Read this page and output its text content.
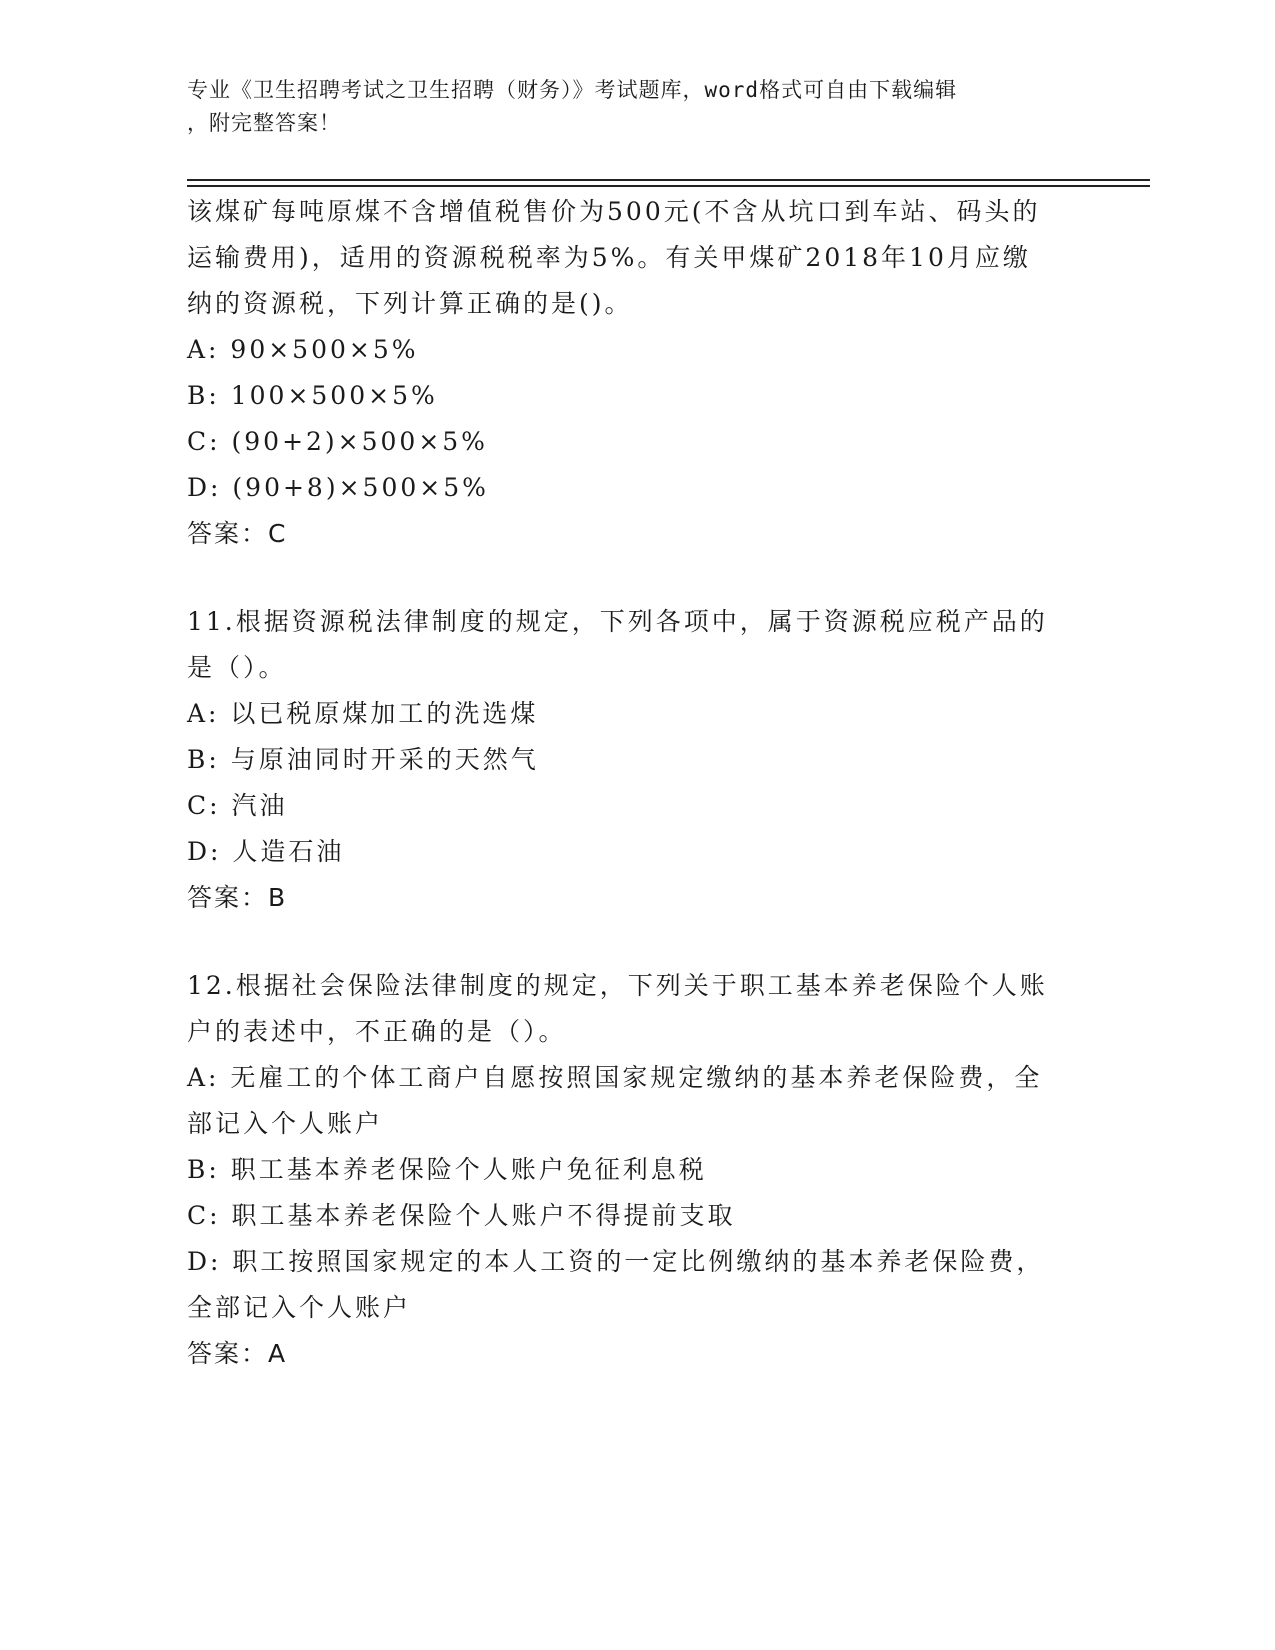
专业《卫生招聘考试之卫生招聘（财务）》考试题库，word格式可自由下载编辑
，附完整答案！

该煤矿每吨原煤不含增值税售价为500元(不含从坑口到车站、码头的

运输费用)，适用的资源税税率为5%。有关甲煤矿2018年10月应缴

纳的资源税，下列计算正确的是()。

A: 90×500×5%

B: 100×500×5%

C: (90+2)×500×5%

D: (90+8)×500×5%

答案：C

11.根据资源税法律制度的规定，下列各项中，属于资源税应税产品的

是（）。

A: 以已税原煤加工的洗选煤

B: 与原油同时开采的天然气

C: 汽油

D: 人造石油

答案：B

12.根据社会保险法律制度的规定，下列关于职工基本养老保险个人账

户的表述中，不正确的是（）。

A: 无雇工的个体工商户自愿按照国家规定缴纳的基本养老保险费，全

部记入个人账户

B: 职工基本养老保险个人账户免征利息税

C: 职工基本养老保险个人账户不得提前支取

D: 职工按照国家规定的本人工资的一定比例缴纳的基本养老保险费，

全部记入个人账户

答案：A
